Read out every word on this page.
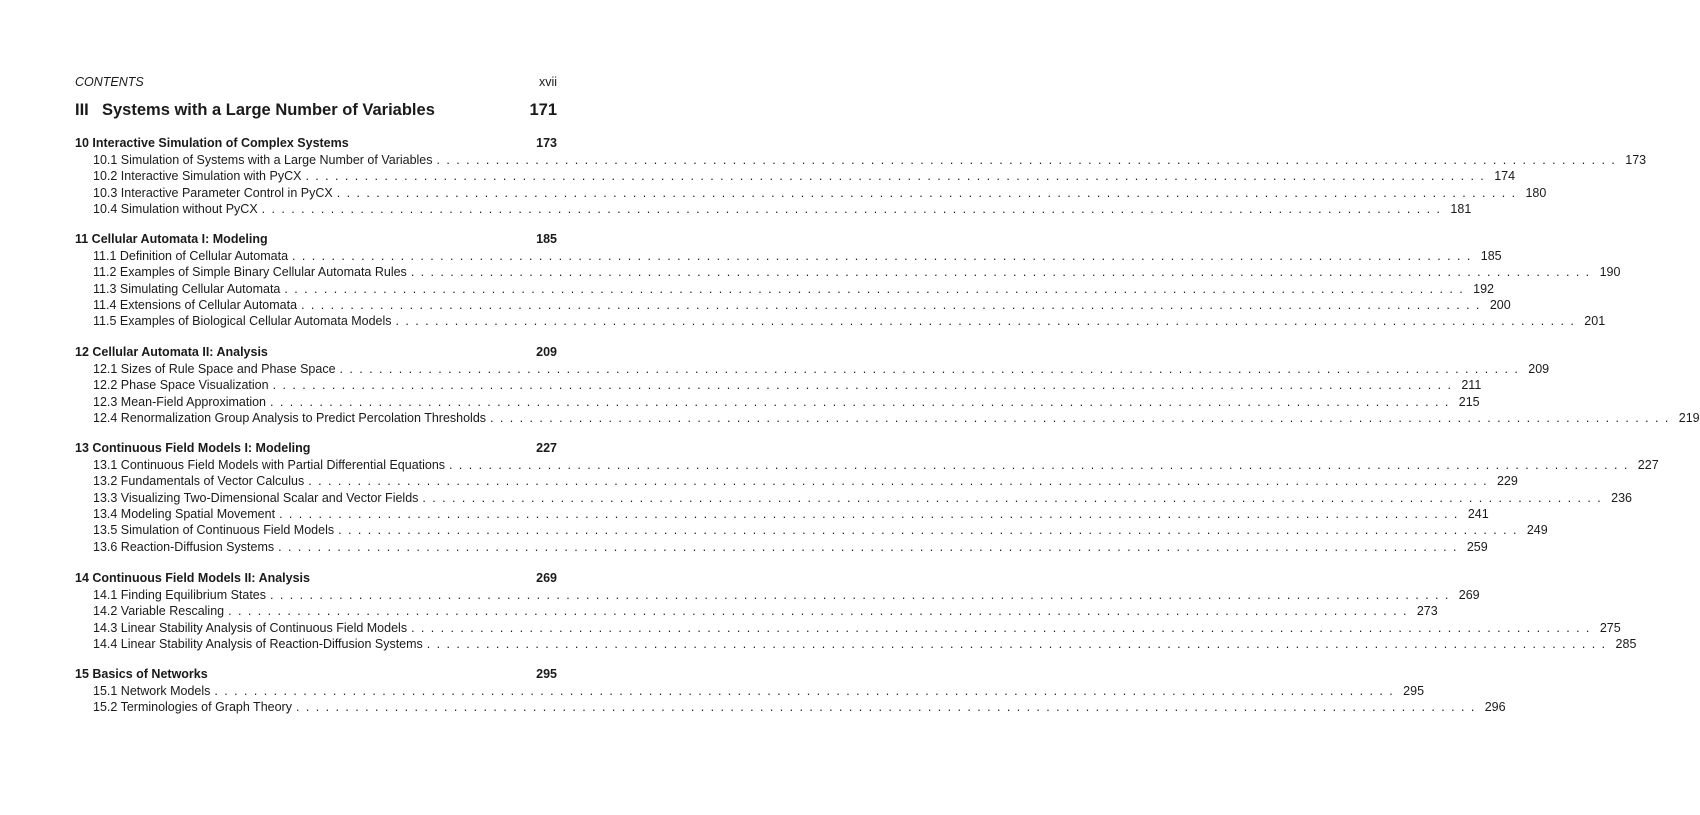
CONTENTS	xvii
III Systems with a Large Number of Variables	171
10 Interactive Simulation of Complex Systems	173
10.1 Simulation of Systems with a Large Number of Variables ........................................................................................................................ 173
10.2 Interactive Simulation with PyCX ........................................................................................................................ 174
10.3 Interactive Parameter Control in PyCX ........................................................................................................................ 180
10.4 Simulation without PyCX ........................................................................................................................ 181
11 Cellular Automata I: Modeling	185
11.1 Definition of Cellular Automata ........................................................................................................................ 185
11.2 Examples of Simple Binary Cellular Automata Rules ........................................................................................................................ 190
11.3 Simulating Cellular Automata ........................................................................................................................ 192
11.4 Extensions of Cellular Automata ........................................................................................................................ 200
11.5 Examples of Biological Cellular Automata Models ........................................................................................................................ 201
12 Cellular Automata II: Analysis	209
12.1 Sizes of Rule Space and Phase Space ........................................................................................................................ 209
12.2 Phase Space Visualization ........................................................................................................................ 211
12.3 Mean-Field Approximation ........................................................................................................................ 215
12.4 Renormalization Group Analysis to Predict Percolation Thresholds ........................................................................................................................ 219
13 Continuous Field Models I: Modeling	227
13.1 Continuous Field Models with Partial Differential Equations ........................................................................................................................ 227
13.2 Fundamentals of Vector Calculus ........................................................................................................................ 229
13.3 Visualizing Two-Dimensional Scalar and Vector Fields ........................................................................................................................ 236
13.4 Modeling Spatial Movement ........................................................................................................................ 241
13.5 Simulation of Continuous Field Models ........................................................................................................................ 249
13.6 Reaction-Diffusion Systems ........................................................................................................................ 259
14 Continuous Field Models II: Analysis	269
14.1 Finding Equilibrium States ........................................................................................................................ 269
14.2 Variable Rescaling ........................................................................................................................ 273
14.3 Linear Stability Analysis of Continuous Field Models ........................................................................................................................ 275
14.4 Linear Stability Analysis of Reaction-Diffusion Systems ........................................................................................................................ 285
15 Basics of Networks	295
15.1 Network Models ........................................................................................................................ 295
15.2 Terminologies of Graph Theory ........................................................................................................................ 296
